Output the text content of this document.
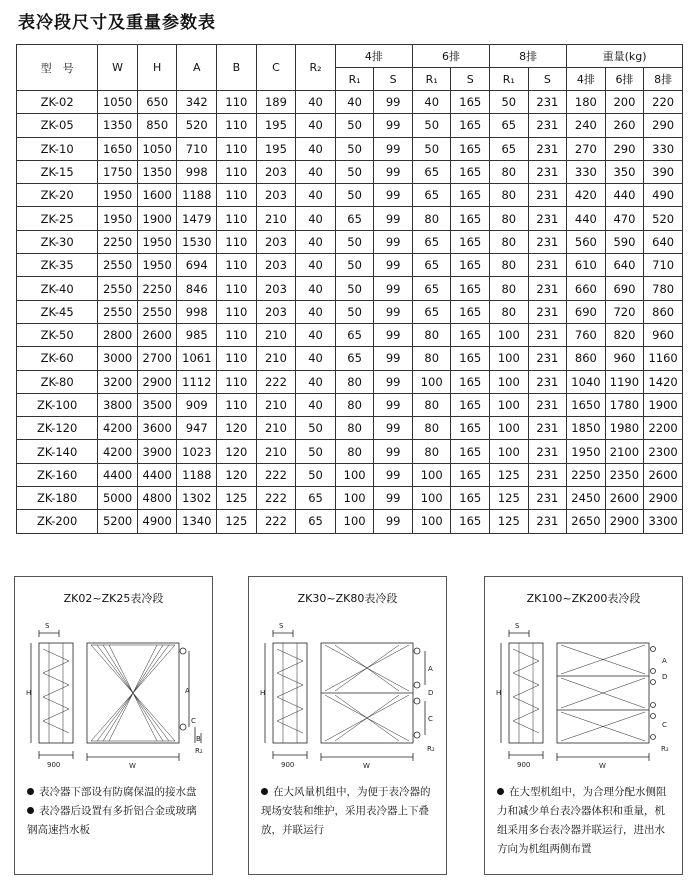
表冷段尺寸及重量参数表
型　号	W	H	A	B	C	R₂	4排		6排		8排		重量(kg)		
							R₁	S	R₁	S	R₁	S	4排	6排	8排
ZK-02	1050	650	342	110	189	40	40	99	40	165	50	231	180	200	220
ZK-05	1350	850	520	110	195	40	50	99	50	165	65	231	240	260	290
ZK-10	1650	1050	710	110	195	40	50	99	50	165	65	231	270	290	330
ZK-15	1750	1350	998	110	203	40	50	99	65	165	80	231	330	350	390
ZK-20	1950	1600	1188	110	203	40	50	99	65	165	80	231	420	440	490
ZK-25	1950	1900	1479	110	210	40	65	99	80	165	80	231	440	470	520
ZK-30	2250	1950	1530	110	203	40	50	99	65	165	80	231	560	590	640
ZK-35	2550	1950	694	110	203	40	50	99	65	165	80	231	610	640	710
ZK-40	2550	2250	846	110	203	40	50	99	65	165	80	231	660	690	780
ZK-45	2550	2550	998	110	203	40	50	99	65	165	80	231	690	720	860
ZK-50	2800	2600	985	110	210	40	65	99	80	165	100	231	760	820	960
ZK-60	3000	2700	1061	110	210	40	65	99	80	165	100	231	860	960	1160
ZK-80	3200	2900	1112	110	222	40	80	99	100	165	100	231	1040	1190	1420
ZK-100	3800	3500	909	110	210	40	80	99	80	165	100	231	1650	1780	1900
ZK-120	4200	3600	947	120	210	50	80	99	80	165	100	231	1850	1980	2200
ZK-140	4200	3900	1023	120	210	50	80	99	80	165	100	231	1950	2100	2300
ZK-160	4400	4400	1188	120	222	50	100	99	100	165	125	231	2250	2350	2600
ZK-180	5000	4800	1302	125	222	65	100	99	100	165	125	231	2450	2600	2900
ZK-200	5200	4900	1340	125	222	65	100	99	100	165	125	231	2650	2900	3300
ZK02~ZK25表冷段
S
H	A
W
900
C
B
R₂

表冷器下部设有防腐保温的接水盘

表冷器后设置有多折铝合金或玻璃钢高速挡水板

ZK30~ZK80表冷段
S
H
A
D
C
W
900
R₂

在大风量机组中，为便于表冷器的现场安装和维护，采用表冷器上下叠放，并联运行

ZK100~ZK200表冷段
S
H
A
D
C
W
900
R₂

在大型机组中，为合理分配水侧阻力和减少单台表冷器体积和重量，机组采用多台表冷器并联运行，进出水方向为机组两侧布置
